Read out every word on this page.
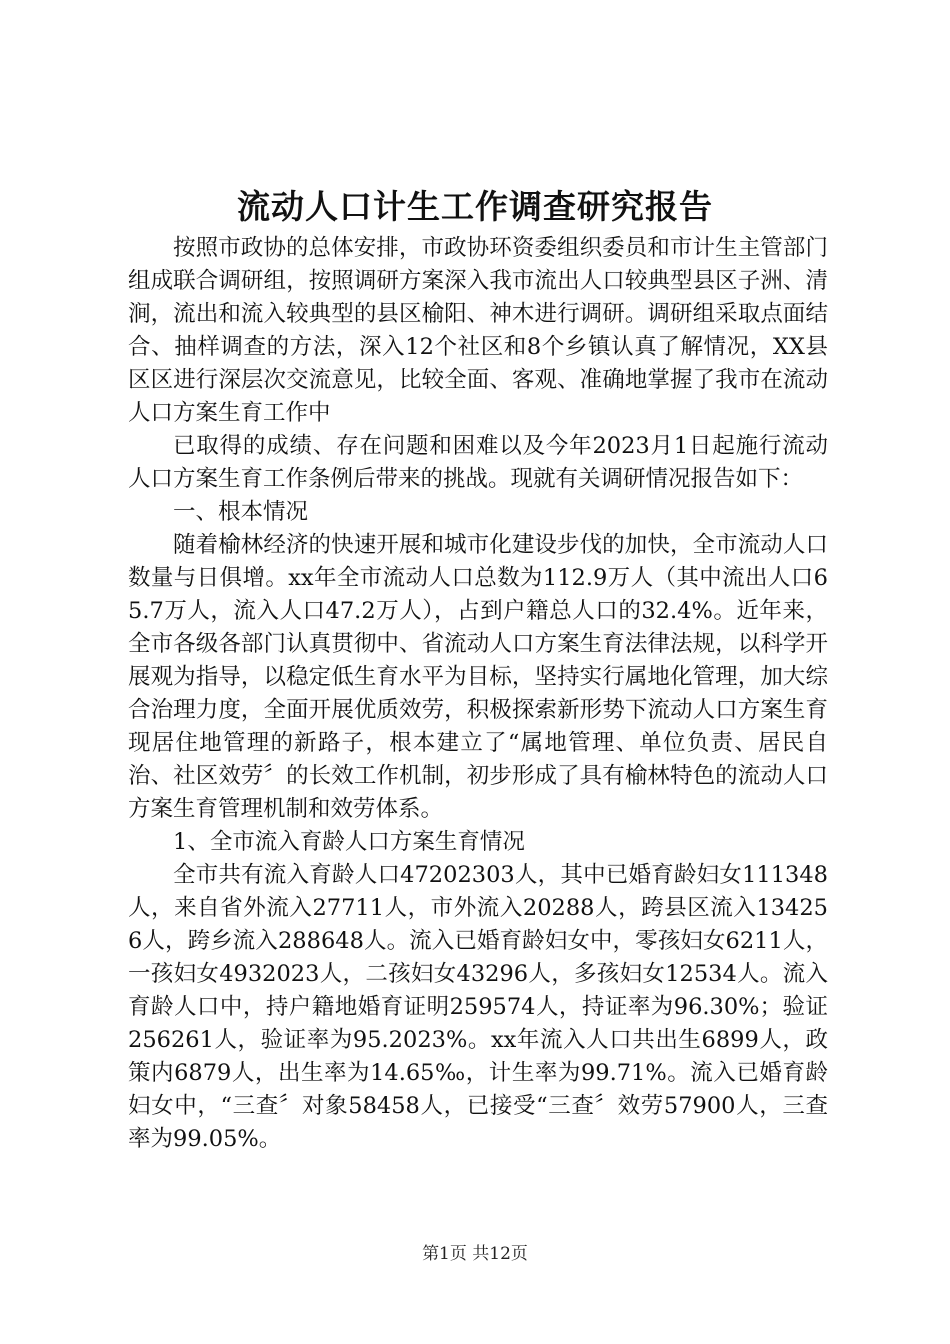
流动人口计生工作调查研究报告

按照市政协的总体安排，市政协环资委组织委员和市计生主管部门组成联合调研组，按照调研方案深入我市流出人口较典型县区子洲、清涧，流出和流入较典型的县区榆阳、神木进行调研。调研组采取点面结合、抽样调查的方法，深入12个社区和8个乡镇认真了解情况，XX县区区进行深层次交流意见，比较全面、客观、准确地掌握了我市在流动人口方案生育工作中

已取得的成绩、存在问题和困难以及今年2023月1日起施行流动人口方案生育工作条例后带来的挑战。现就有关调研情况报告如下：

一、根本情况

随着榆林经济的快速开展和城市化建设步伐的加快，全市流动人口数量与日俱增。xx年全市流动人口总数为112.9万人（其中流出人口65.7万人，流入人口47.2万人），占到户籍总人口的32.4%。近年来，全市各级各部门认真贯彻中、省流动人口方案生育法律法规，以科学开展观为指导，以稳定低生育水平为目标，坚持实行属地化管理，加大综合治理力度，全面开展优质效劳，积极探索新形势下流动人口方案生育现居住地管理的新路子，根本建立了“属地管理、单位负责、居民自治、社区效劳〞的长效工作机制，初步形成了具有榆林特色的流动人口方案生育管理机制和效劳体系。

1、全市流入育龄人口方案生育情况

全市共有流入育龄人口47202303人，其中已婚育龄妇女111348人，来自省外流入27711人，市外流入20288人，跨县区流入134256人，跨乡流入288648人。流入已婚育龄妇女中，零孩妇女6211人，一孩妇女4932023人，二孩妇女43296人，多孩妇女12534人。流入育龄人口中，持户籍地婚育证明259574人，持证率为96.30%；验证256261人，验证率为95.2023%。xx年流入人口共出生6899人，政策内6879人，出生率为14.65‰，计生率为99.71%。流入已婚育龄妇女中，“三查〞对象58458人，已接受“三查〞效劳57900人，三查率为99.05%。

第1页 共12页
